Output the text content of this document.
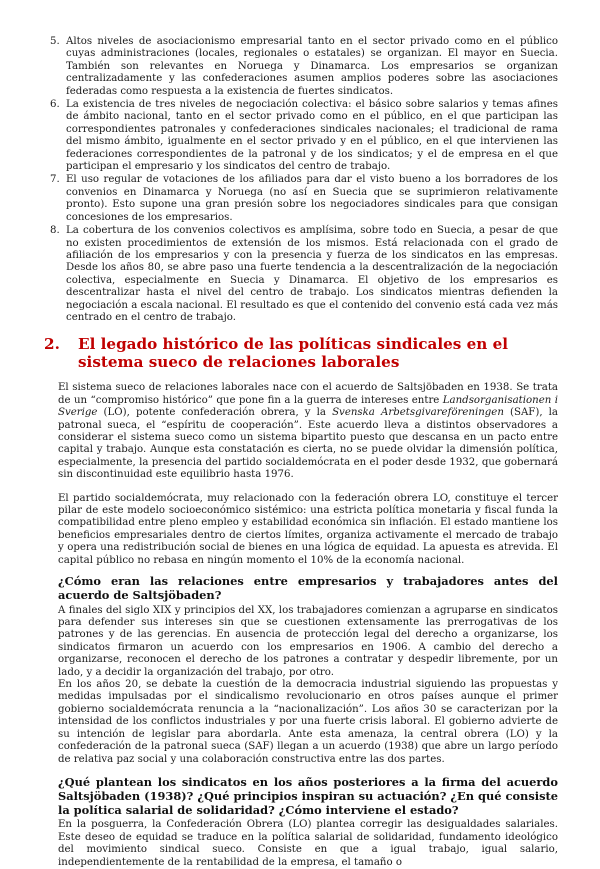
5. Altos niveles de asociacionismo empresarial tanto en el sector privado como en el público cuyas administraciones (locales, regionales o estatales) se organizan. El mayor en Suecia. También son relevantes en Noruega y Dinamarca. Los empresarios se organizan centralizadamente y las confederaciones asumen amplios poderes sobre las asociaciones federadas como respuesta a la existencia de fuertes sindicatos.
6. La existencia de tres niveles de negociación colectiva: el básico sobre salarios y temas afines de ámbito nacional, tanto en el sector privado como en el público, en el que participan las correspondientes patronales y confederaciones sindicales nacionales; el tradicional de rama del mismo ámbito, igualmente en el sector privado y en el público, en el que intervienen las federaciones correspondientes de la patronal y de los sindicatos; y el de empresa en el que participan el empresario y los sindicatos del centro de trabajo.
7. El uso regular de votaciones de los afiliados para dar el visto bueno a los borradores de los convenios en Dinamarca y Noruega (no así en Suecia que se suprimieron relativamente pronto). Esto supone una gran presión sobre los negociadores sindicales para que consigan concesiones de los empresarios.
8. La cobertura de los convenios colectivos es amplísima, sobre todo en Suecia, a pesar de que no existen procedimientos de extensión de los mismos. Está relacionada con el grado de afiliación de los empresarios y con la presencia y fuerza de los sindicatos en las empresas. Desde los años 80, se abre paso una fuerte tendencia a la descentralización de la negociación colectiva, especialmente en Suecia y Dinamarca. El objetivo de los empresarios es descentralizar hasta el nivel del centro de trabajo. Los sindicatos mientras defienden la negociación a escala nacional. El resultado es que el contenido del convenio está cada vez más centrado en el centro de trabajo.
2. El legado histórico de las políticas sindicales en el sistema sueco de relaciones laborales

El sistema sueco de relaciones laborales nace con el acuerdo de Saltsjöbaden en 1938. Se trata de un “compromiso histórico” que pone fin a la guerra de intereses entre Landsorganisationen i Sverige (LO), potente confederación obrera, y la Svenska Arbetsgivareföreningen (SAF), la patronal sueca, el “espíritu de cooperación”. Este acuerdo lleva a distintos observadores a considerar el sistema sueco como un sistema bipartito puesto que descansa en un pacto entre capital y trabajo. Aunque esta constatación es cierta, no se puede olvidar la dimensión política, especialmente, la presencia del partido socialdemócrata en el poder desde 1932, que gobernará sin discontinuidad este equilibrio hasta 1976.

El partido socialdemócrata, muy relacionado con la federación obrera LO, constituye el tercer pilar de este modelo socioeconómico sistémico: una estricta política monetaria y fiscal funda la compatibilidad entre pleno empleo y estabilidad económica sin inflación. El estado mantiene los beneficios empresariales dentro de ciertos límites, organiza activamente el mercado de trabajo y opera una redistribución social de bienes en una lógica de equidad. La apuesta es atrevida. El capital público no rebasa en ningún momento el 10% de la economía nacional.

¿Cómo eran las relaciones entre empresarios y trabajadores antes del acuerdo de Saltsjöbaden?

A finales del siglo XIX y principios del XX, los trabajadores comienzan a agruparse en sindicatos para defender sus intereses sin que se cuestionen extensamente las prerrogativas de los patrones y de las gerencias. En ausencia de protección legal del derecho a organizarse, los sindicatos firmaron un acuerdo con los empresarios en 1906. A cambio del derecho a organizarse, reconocen el derecho de los patrones a contratar y despedir libremente, por un lado, y a decidir la organización del trabajo, por otro.

En los años 20, se debate la cuestión de la democracia industrial siguiendo las propuestas y medidas impulsadas por el sindicalismo revolucionario en otros países aunque el primer gobierno socialdemócrata renuncia a la “nacionalización”. Los años 30 se caracterizan por la intensidad de los conflictos industriales y por una fuerte crisis laboral. El gobierno advierte de su intención de legislar para abordarla. Ante esta amenaza, la central obrera (LO) y la confederación de la patronal sueca (SAF) llegan a un acuerdo (1938) que abre un largo período de relativa paz social y una colaboración constructiva entre las dos partes.

¿Qué plantean los sindicatos en los años posteriores a la firma del acuerdo Saltsjöbaden (1938)? ¿Qué principios inspiran su actuación? ¿En qué consiste la política salarial de solidaridad? ¿Cómo interviene el estado?

En la posguerra, la Confederación Obrera (LO) plantea corregir las desigualdades salariales. Este deseo de equidad se traduce en la política salarial de solidaridad, fundamento ideológico del movimiento sindical sueco. Consiste en que a igual trabajo, igual salario, independientemente de la rentabilidad de la empresa, el tamaño o
